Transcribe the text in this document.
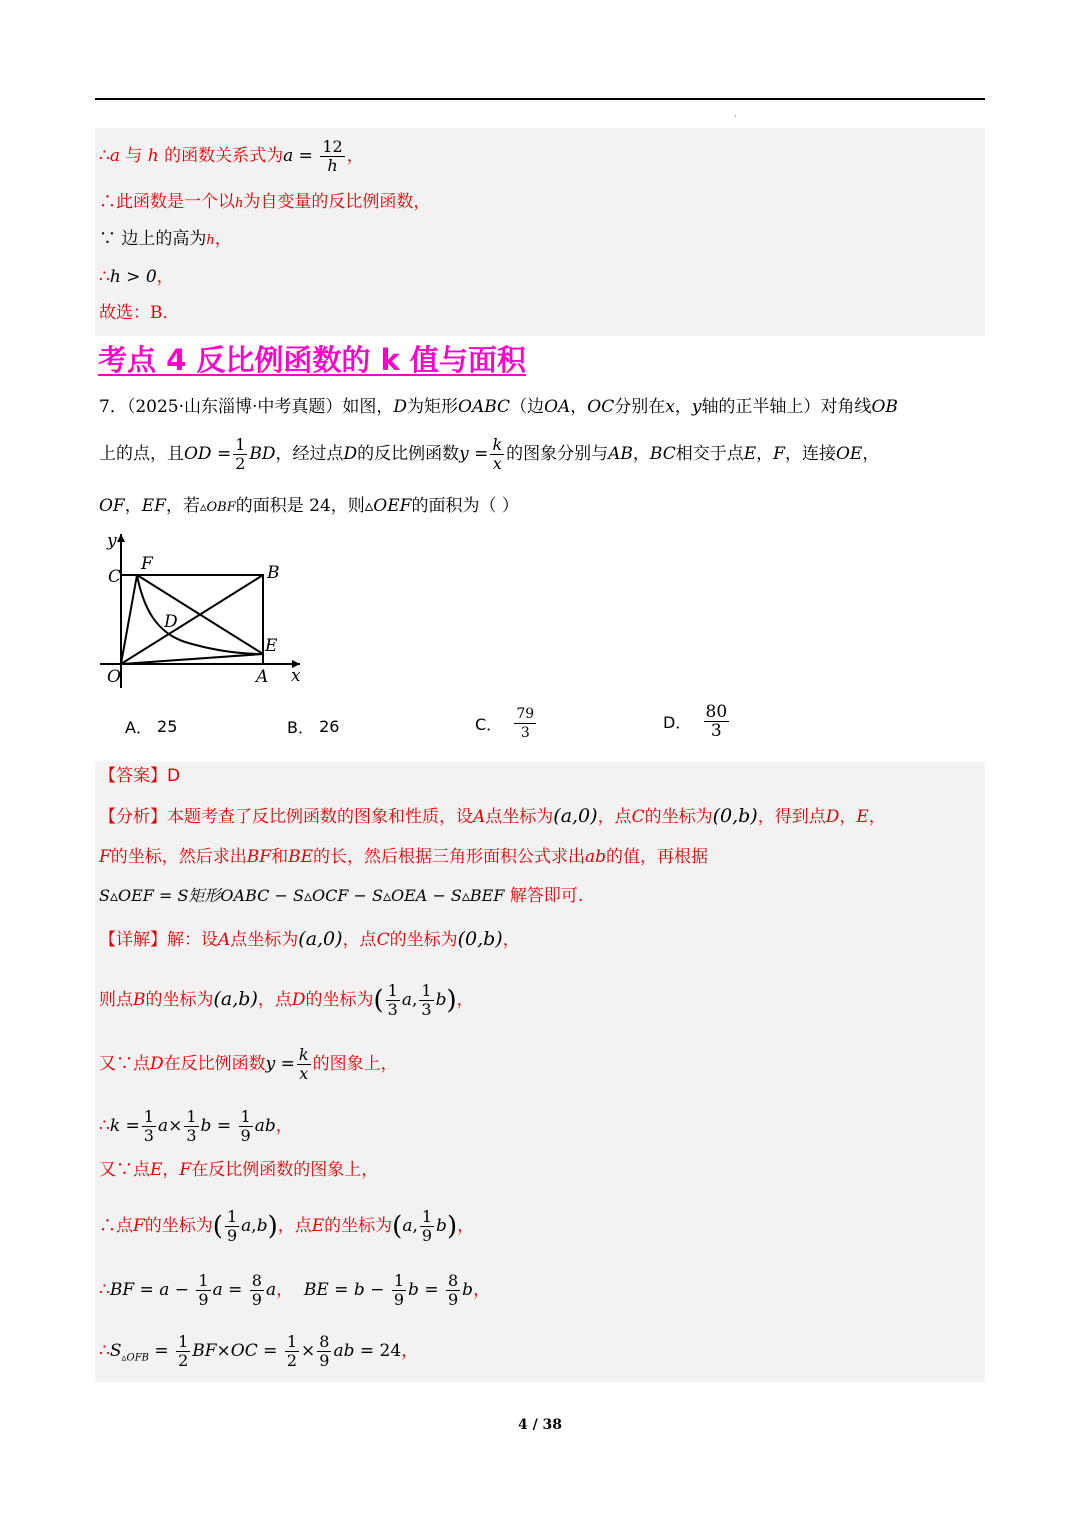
·
∴a 与 h 的函数关系式为$a = \frac{12}{h}$ ，
∴此函数是一个以h为自变量的反比例函数，
∵ 边上的高为h，
∴h > 0，
故选：B．
考点 4 反比例函数的 k 值与面积
7．（2025·山东淄博·中考真题）如图，D为矩形OABC（边OA，OC分别在x，y轴的正半轴上）对角线OB
上的点，且OD = $\frac{1}{2}$ BD，经过点D的反比例函数$y = \frac{k}{x}$ 的图象分别与AB，BC相交于点E，F，连接OE，
OF，EF，若▵OBF的面积是 24，则▵OEF的面积为（ ）
y
C
F	B
D
E
O	A x
A．
25	B．
26	C．
$\frac{79}{3}$	D．
$\frac{80}{3}$
【答案】D
【分析】本题考查了反比例函数的图象和性质，设A点坐标为(a,0)，点C的坐标为(0,b)，得到点D，E，
F的坐标，然后求出BF和BE的长，然后根据三角形面积公式求出ab的值，再根据
S▵OEF = S矩形OABC − S▵OCF − S▵OEA − S▵BEF 解答即可.
【详解】解：设A点坐标为(a,0)，点C的坐标为(0,b)，
则点B的坐标为(a,b)，点D的坐标为( $\frac{1}{3} a$, $\frac{1}{3} b$)，
又∵点D在反比例函数$y = \frac{k}{x}$ 的图象上，
∴k = $\frac{1}{3} a\times \frac{1}{3}$ $b = \frac{1}{9}$ ab，
又∵点E，F在反比例函数的图象上，
∴点F的坐标为( $\frac{1}{9} a,b$)，点E的坐标为(a, $\frac{1}{9} b$)，
∴BF = $a - \frac{1}{9}$ $a = \frac{8}{9}$ a，  BE = $b - \frac{1}{9}$ $b = \frac{8}{9}$ b，
$\therefore S_{▵OFB} = \frac{1}{2} BF\times OC = \frac{1}{2} \times \frac{8}{9}$ ab = 24，
4 / 38
